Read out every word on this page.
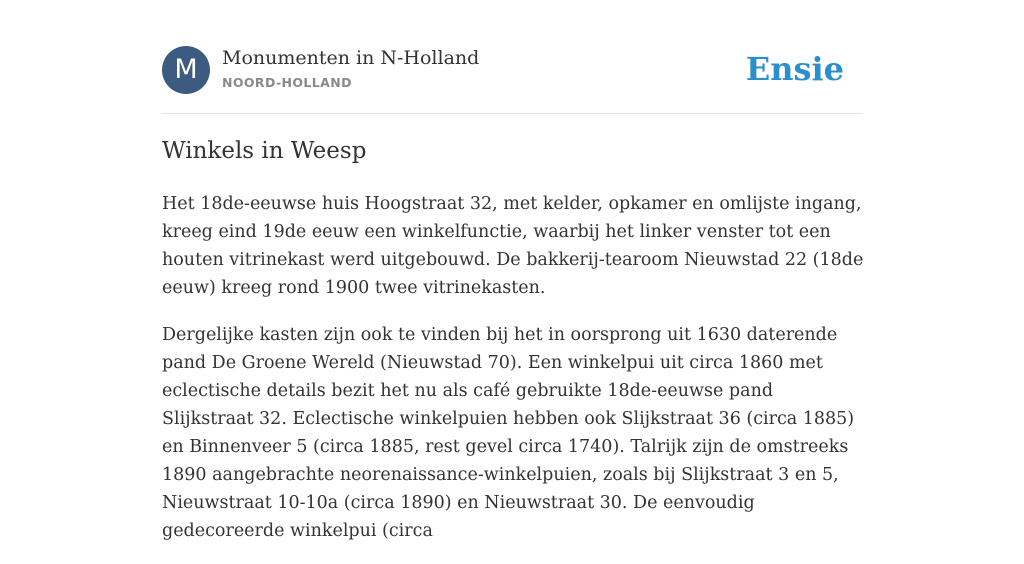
M	Monumenten in N-Holland
NOORD-HOLLAND	Ensie
Winkels in Weesp

Het 18de-eeuwse huis Hoogstraat 32, met kelder, opkamer en omlijste ingang, kreeg eind 19de eeuw een winkelfunctie, waarbij het linker venster tot een houten vitrinekast werd uitgebouwd. De bakkerij-tearoom Nieuwstad 22 (18de eeuw) kreeg rond 1900 twee vitrinekasten.

Dergelijke kasten zijn ook te vinden bij het in oorsprong uit 1630 daterende pand De Groene Wereld (Nieuwstad 70). Een winkelpui uit circa 1860 met eclectische details bezit het nu als café gebruikte 18de-eeuwse pand Slijkstraat 32. Eclectische winkelpuien hebben ook Slijkstraat 36 (circa 1885) en Binnenveer 5 (circa 1885, rest gevel circa 1740). Talrijk zijn de omstreeks 1890 aangebrachte neorenaissance-winkelpuien, zoals bij Slijkstraat 3 en 5, Nieuwstraat 10-10a (circa 1890) en Nieuwstraat 30. De eenvoudig gedecoreerde winkelpui (circa
